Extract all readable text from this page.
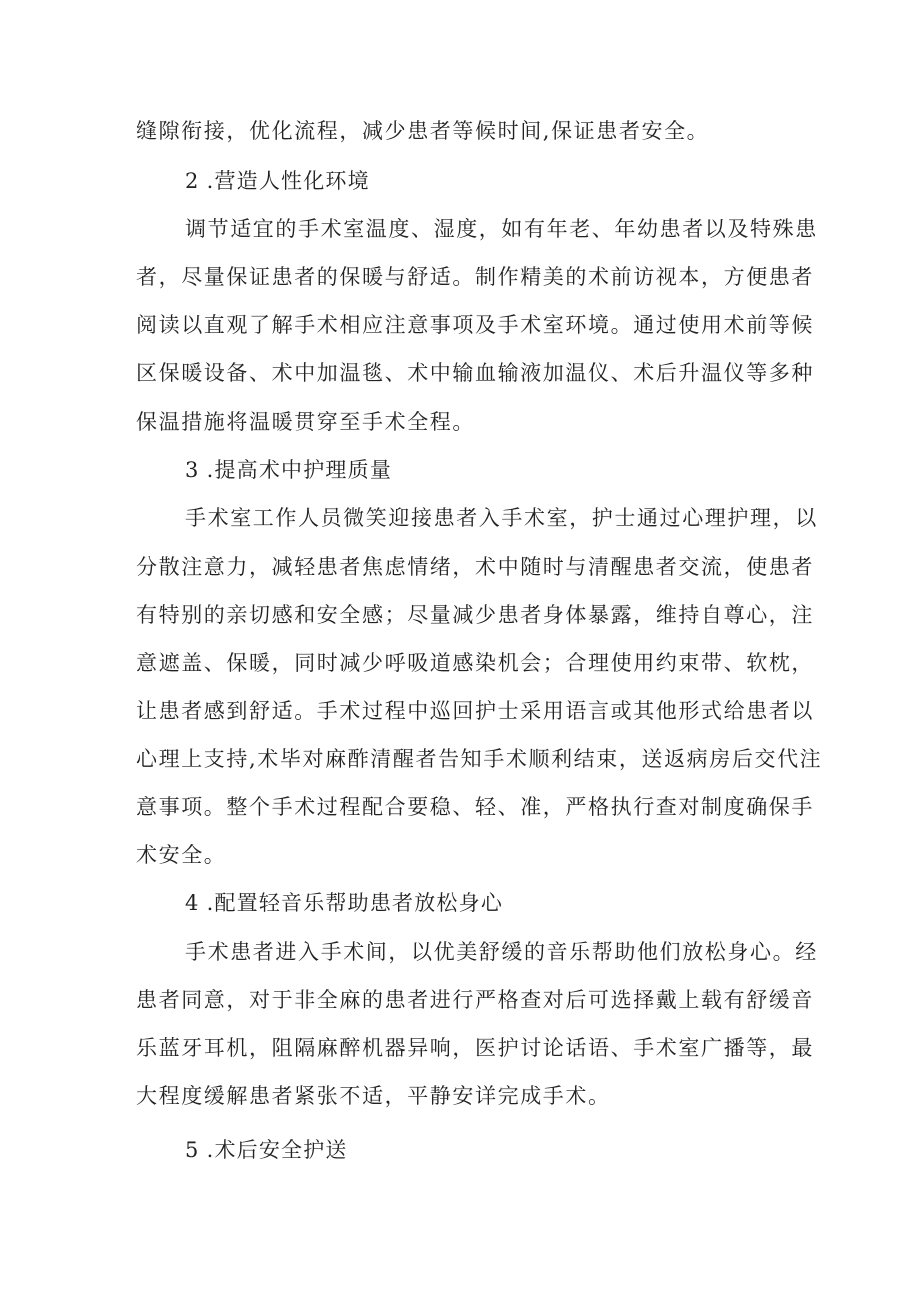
缝隙衔接，优化流程，减少患者等候时间,保证患者安全。
2 .营造人性化环境
调节适宜的手术室温度、湿度，如有年老、年幼患者以及特殊患
者，尽量保证患者的保暖与舒适。制作精美的术前访视本，方便患者
阅读以直观了解手术相应注意事项及手术室环境。通过使用术前等候
区保暖设备、术中加温毯、术中输血输液加温仪、术后升温仪等多种
保温措施将温暖贯穿至手术全程。
3 .提高术中护理质量
手术室工作人员微笑迎接患者入手术室，护士通过心理护理，以
分散注意力，减轻患者焦虑情绪，术中随时与清醒患者交流，使患者
有特别的亲切感和安全感；尽量减少患者身体暴露，维持自尊心，注
意遮盖、保暖，同时减少呼吸道感染机会；合理使用约束带、软枕，
让患者感到舒适。手术过程中巡回护士采用语言或其他形式给患者以
心理上支持,术毕对麻酢清醒者告知手术顺利结束，送返病房后交代注
意事项。整个手术过程配合要稳、轻、准，严格执行查对制度确保手
术安全。
4 .配置轻音乐帮助患者放松身心
手术患者进入手术间，以优美舒缓的音乐帮助他们放松身心。经
患者同意，对于非全麻的患者进行严格查对后可选择戴上载有舒缓音
乐蓝牙耳机，阻隔麻醉机器异响，医护讨论话语、手术室广播等，最
大程度缓解患者紧张不适，平静安详完成手术。
5 .术后安全护送
